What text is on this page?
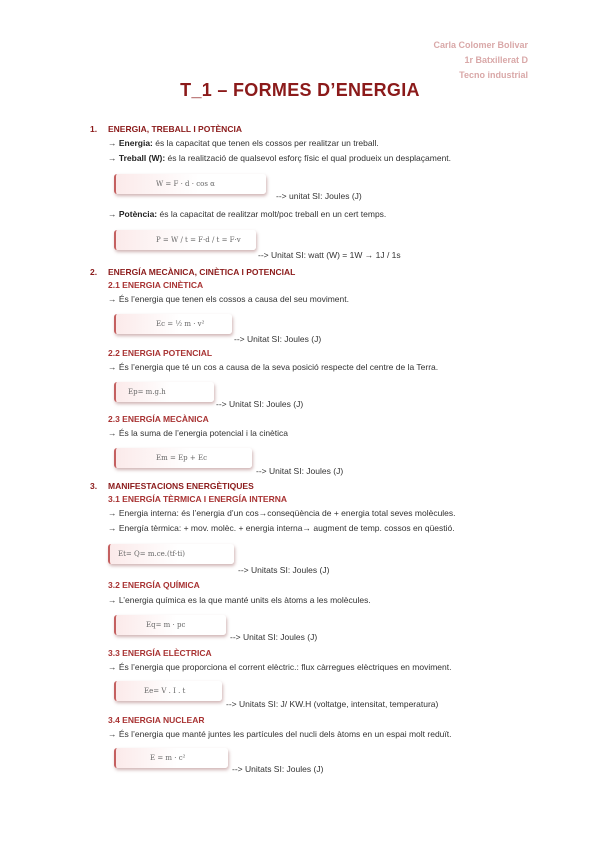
Carla Colomer Bolivar
1r Batxillerat D
Tecno industrial
T_1 – FORMES D’ENERGIA
1. ENERGIA, TREBALL I POTÈNCIA
→ Energia: és la capacitat que tenen els cossos per realitzar un treball.
→ Treball (W): és la realització de qualsevol esforç físic el qual produeix un desplaçament.
W = F · d · cos α
--> unitat SI: Joules (J)
→ Potència: és la capacitat de realitzar molt/poc treball en un cert temps.
P = W / t = F·d / t = F·v
--> Unitat SI: watt (W) = 1W → 1J / 1s
2. ENERGÍA MECÀNICA, CINÈTICA I POTENCIAL
2.1 ENERGIA CINÈTICA
→ És l’energia que tenen els cossos a causa del seu moviment.
Ec = ½ m · v²
--> Unitat SI: Joules (J)
2.2 ENERGIA POTENCIAL
→ És l’energia que té un cos a causa de la seva posició respecte del centre de la Terra.
Ep= m.g.h
--> Unitat SI: Joules (J)
2.3 ENERGÍA MECÀNICA
→ És la suma de l’energia potencial i la cinètica
Em = Ep + Ec
--> Unitat SI: Joules (J)
3. MANIFESTACIONS ENERGÈTIQUES
3.1 ENERGÍA TÈRMICA I ENERGÍA INTERNA
→ Energia interna: és l’energia d’un cos→conseqüència de + energia total seves molècules.
→ Energía tèrmica: + mov. molèc. + energia interna→ augment de temp. cossos en qüestió.
Et= Q= m.ce.(tf-ti)
--> Unitats SI: Joules (J)
3.2 ENERGÍA QUÍMICA
→ L’energia química es la que manté units els àtoms a les molècules.
Eq= m · pc
--> Unitat SI: Joules (J)
3.3 ENERGÍA ELÈCTRICA
→ És l’energia que proporciona el corrent elèctric.: flux càrregues elèctriques en moviment.
Ee= V . I . t
--> Unitats SI: J/ KW.H (voltatge, intensitat, temperatura)
3.4 ENERGIA NUCLEAR
→ És l’energia que manté juntes les partícules del nucli dels àtoms en un espai molt reduït.
E = m · c²
--> Unitats SI: Joules (J)
